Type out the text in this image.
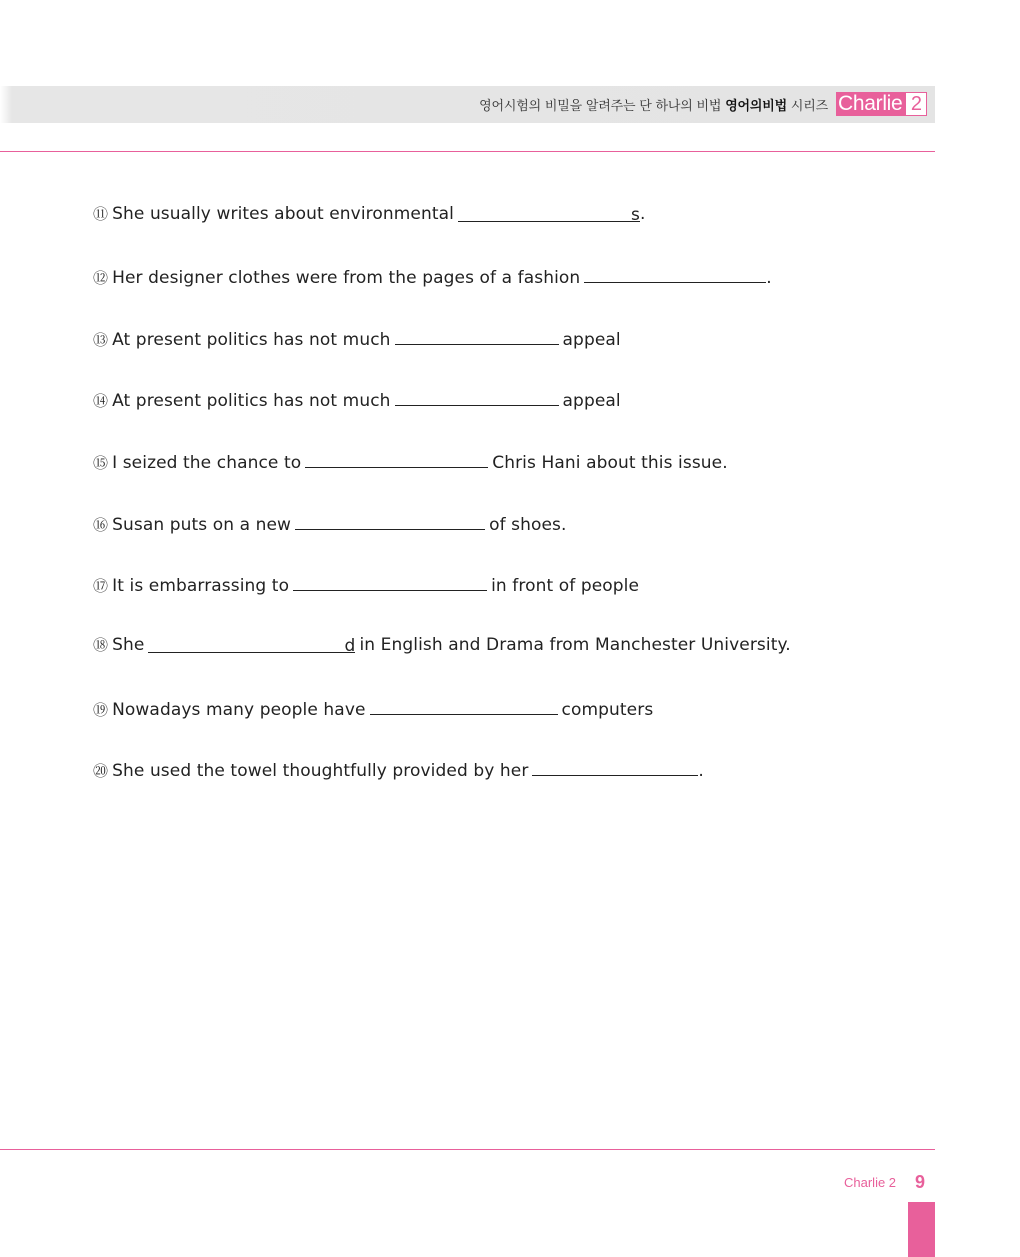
영어시험의 비밀을 알려주는 단 하나의 비법 영어의비법 시리즈 Charlie 2
⑪ She usually writes about environmental	s.
⑫ Her designer clothes were from the pages of a fashion	.
⑬ At present politics has not much	appeal
⑭ At present politics has not much	appeal
⑮ I seized the chance to	Chris Hani about this issue.
⑯ Susan puts on a new	of shoes.
⑰ It is embarrassing to	in front of people
⑱ She	d in English and Drama from Manchester University.
⑲ Nowadays many people have	computers
⑳ She used the towel thoughtfully provided by her	.
Charlie 2 9
